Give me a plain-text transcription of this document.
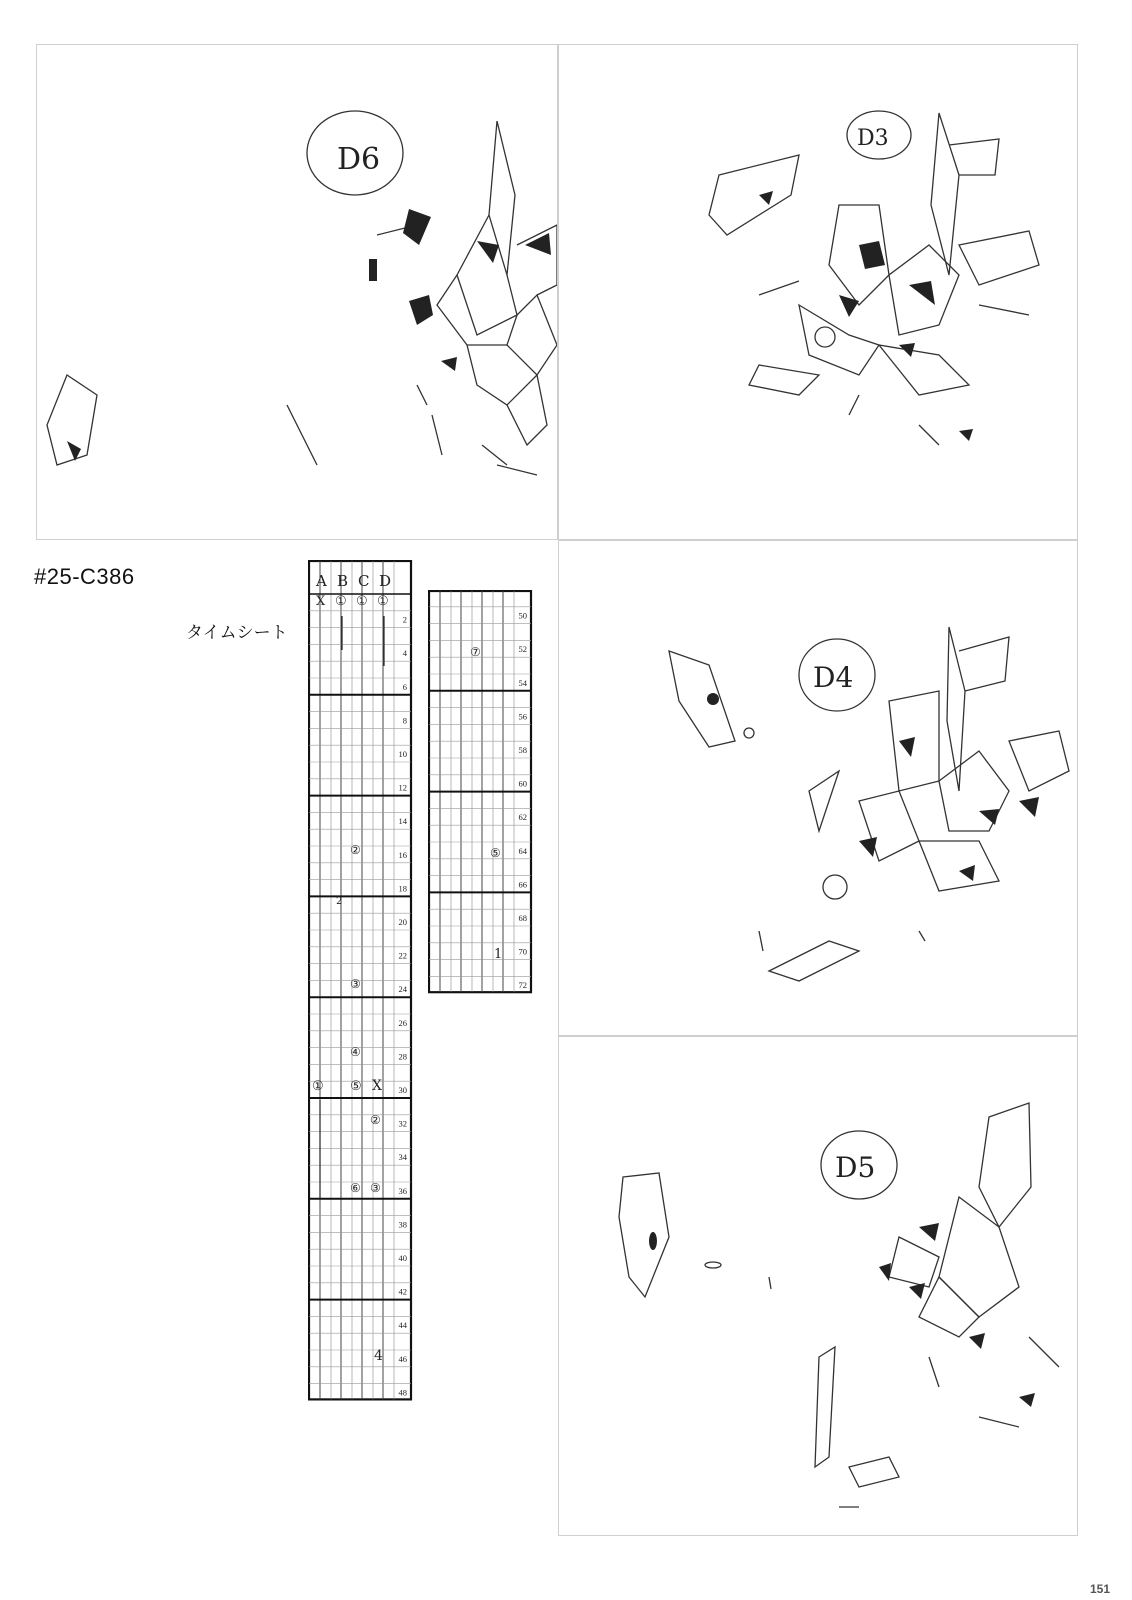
D6
D3
D4
D5
#25-C386
タイムシート
A B C D
X ① ① ①
2
4
6
8
10
12
14
16
18
20
22
24
26
28
30
32
34
36
38
40
42
44
46
48
②
2
③
④
① ⑤ X
②
⑥ ③
4
50
52
54
56
58
60
62
64
66
68
70
72
⑦
⑤
1
151
